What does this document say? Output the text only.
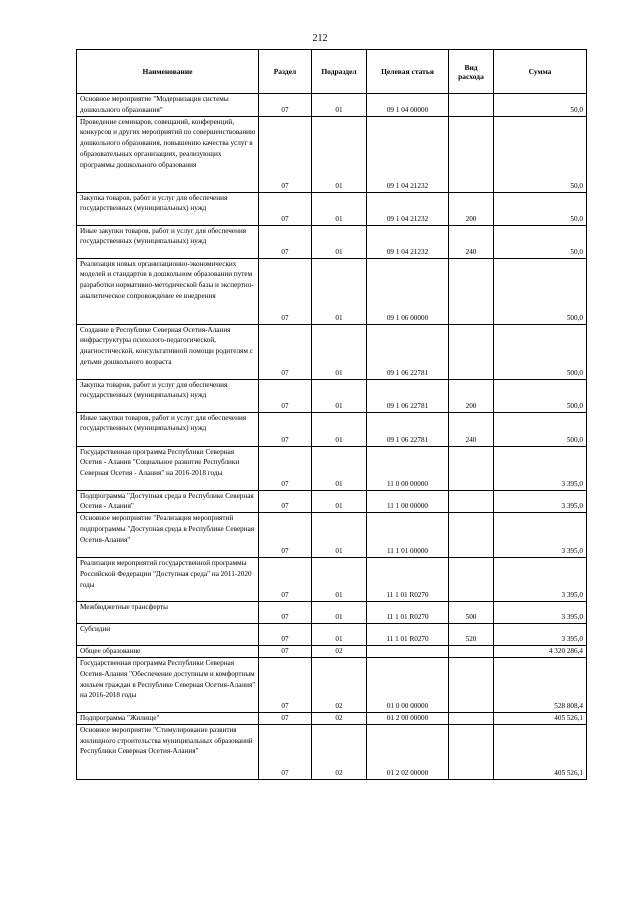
212
Наименование	Раздел	Подраздел	Целевая статья	Вид расхода	Сумма
Основное мероприятие "Модернизация системы дошкольного образования"	07	01	09 1 04 00000		50,0
Проведение семинаров, совещаний, конференций, конкурсов и других мероприятий по совершенствованию дошкольного образования, повышению качества услуг в образовательных организациях, реализующих программы дошкольного образования	07	01	09 1 04 21232		50,0
Закупка товаров, работ и услуг для обеспечения государственных (муниципальных) нужд	07	01	09 1 04 21232	200	50,0
Иные закупки товаров, работ и услуг для обеспечения государственных (муниципальных) нужд	07	01	09 1 04 21232	240	50,0
Реализация новых организационно-экономических моделей и стандартов в дошкольном образовании путем разработки нормативно-методической базы и экспертно-аналитическое сопровождение ее внедрения	07	01	09 1 06 00000		500,0
Создание в Республике Северная Осетия-Алания инфраструктуры психолого-педагогической, диагностической, консультативной помощи родителям с детьми дошкольного возраста	07	01	09 1 06 22781		500,0
Закупка товаров, работ и услуг для обеспечения государственных (муниципальных) нужд	07	01	09 1 06 22781	200	500,0
Иные закупки товаров, работ и услуг для обеспечения государственных (муниципальных) нужд	07	01	09 1 06 22781	240	500,0
Государственная программа Республики Северная Осетия - Алания "Социальное развитие Республики Северная Осетия - Алания" на 2016-2018 годы	07	01	11 0 00 00000		3 395,0
Подпрограмма "Доступная среда в Республике Северная Осетия - Алания"	07	01	11 1 00 00000		3 395,0
Основное мероприятие "Реализация мероприятий подпрограммы "Доступная среда в Республике Северная Осетия-Алания"	07	01	11 1 01 00000		3 395,0
Реализация мероприятий государственной программы Российской Федерации "Доступная среда" на 2011-2020 годы	07	01	11 1 01 R0270		3 395,0
Межбюджетные трансферты	07	01	11 1 01 R0270	500	3 395,0
Субсидии	07	01	11 1 01 R0270	520	3 395,0
Общее образование	07	02			4 320 286,4
Государственная программа Республики Северная Осетия-Алания "Обеспечение доступным и комфортным жильем граждан в Республике Северная Осетия-Алания" на 2016-2018 годы	07	02	01 0 00 00000		528 808,4
Подпрограмма "Жилище"	07	02	01 2 00 00000		405 526,1
Основное мероприятие "Стимулирование развития жилищного строительства муниципальных образований Республики Северная Осетия-Алания"	07	02	01 2 02 00000		405 526,1
